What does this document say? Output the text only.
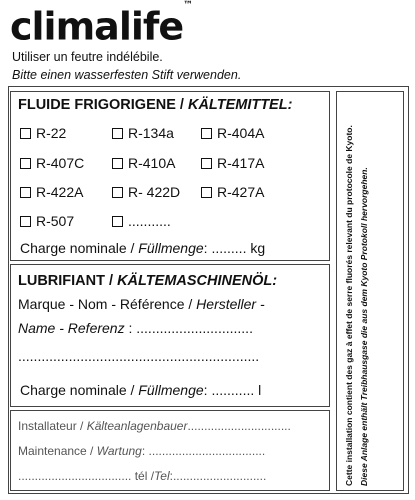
climalife™
Utiliser un feutre indélébile.
Bitte einen wasserfesten Stift verwenden.
FLUIDE FRIGORIGENE / KÄLTEMITTEL:
R-22	R-134a	R-404A
R-407C	R-410A	R-417A
R-422A	R- 422D	R-427A
R-507	...........
Charge nominale / Füllmenge: ......... kg
LUBRIFIANT / KÄLTEMASCHINENÖL:
Marque - Nom - Référence / Hersteller -
Name - Referenz : ..............................
..............................................................
Charge nominale / Füllmenge: ........... l
Installateur / Kälteanlagenbauer...............................
Maintenance / Wartung: ...................................
.................................. tél /Tel:............................	Cette installation contient des gaz à effet de serre fluorés relevant du protocole de Kyoto. Diese Anlage enthält Treibhausgase die aus dem Kyoto Protokoll hervorgehen.
